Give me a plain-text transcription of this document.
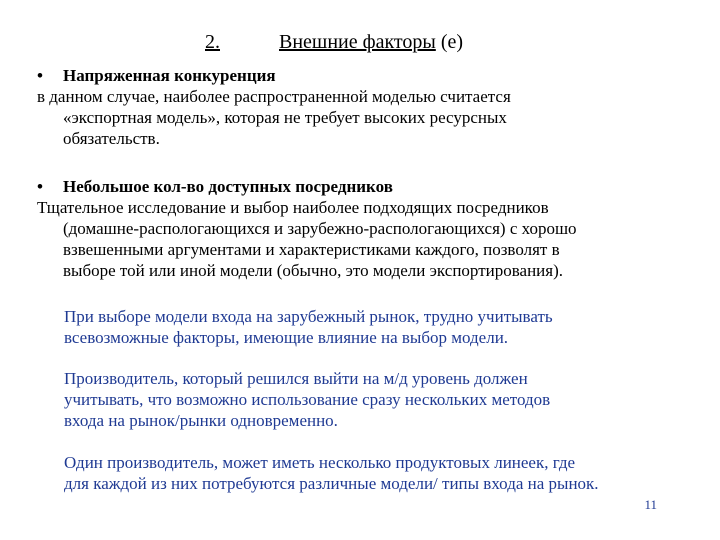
2.	Внешние факторы (е)
• Напряженная конкуренция
в данном случае, наиболее распространенной моделью считается
«экспортная модель», которая не требует высоких ресурсных
обязательств.
• Небольшое кол-во доступных посредников
Тщательное исследование и выбор наиболее подходящих посредников
(домашне-распологающихся и зарубежно-распологающихся) с хорошо
взвешенными аргументами и характеристиками каждого, позволят в
выборе той или иной модели (обычно, это модели экспортирования).
При выборе модели входа на зарубежный рынок, трудно учитывать
всевозможные факторы, имеющие влияние на выбор модели.
Производитель, который решился выйти на м/д уровень должен
учитывать, что возможно использование сразу нескольких методов
входа на рынок/рынки одновременно.
Один производитель, может иметь несколько продуктовых линеек, где
для каждой из них потребуются различные модели/ типы входа на рынок.
11
